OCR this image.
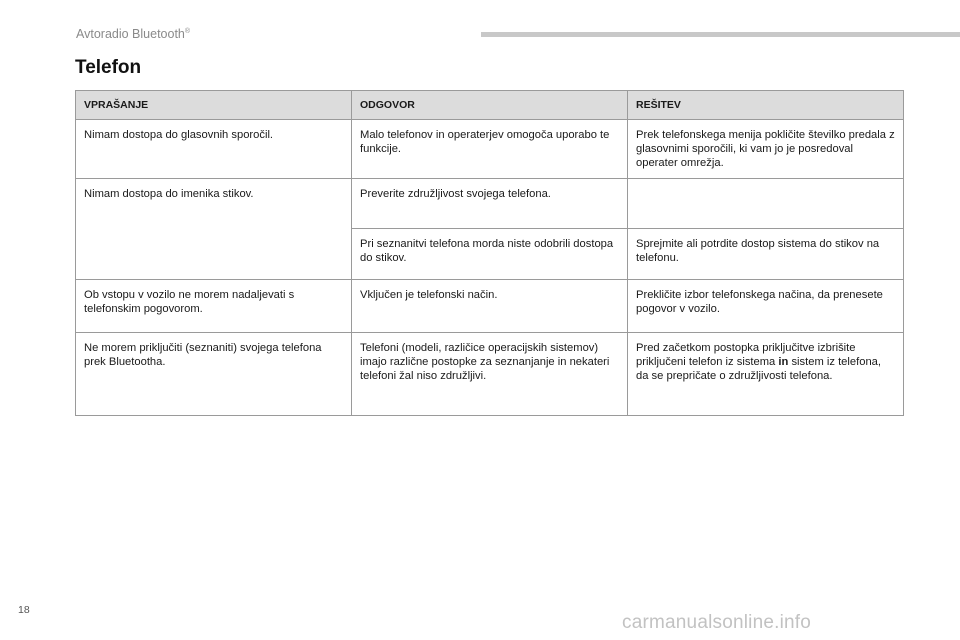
Avtoradio Bluetooth®
Telefon
VPRAŠANJE	ODGOVOR	REŠITEV
Nimam dostopa do glasovnih sporočil.	Malo telefonov in operaterjev omogoča uporabo te funkcije.	Prek telefonskega menija pokličite številko predala z glasovnimi sporočili, ki vam jo je posredoval operater omrežja.
Nimam dostopa do imenika stikov.	Preverite združljivost svojega telefona.	
	Pri seznanitvi telefona morda niste odobrili dostopa do stikov.	Sprejmite ali potrdite dostop sistema do stikov na telefonu.
Ob vstopu v vozilo ne morem nadaljevati s telefonskim pogovorom.	Vključen je telefonski način.	Prekličite izbor telefonskega načina, da prenesete pogovor v vozilo.
Ne morem priključiti (seznaniti) svojega telefona prek Bluetootha.	Telefoni (modeli, različice operacijskih sistemov) imajo različne postopke za seznanjanje in nekateri telefoni žal niso združljivi.	Pred začetkom postopka priključitve izbrišite priključeni telefon iz sistema in sistem iz telefona, da se prepričate o združljivosti telefona.
18
carmanualsonline.info
